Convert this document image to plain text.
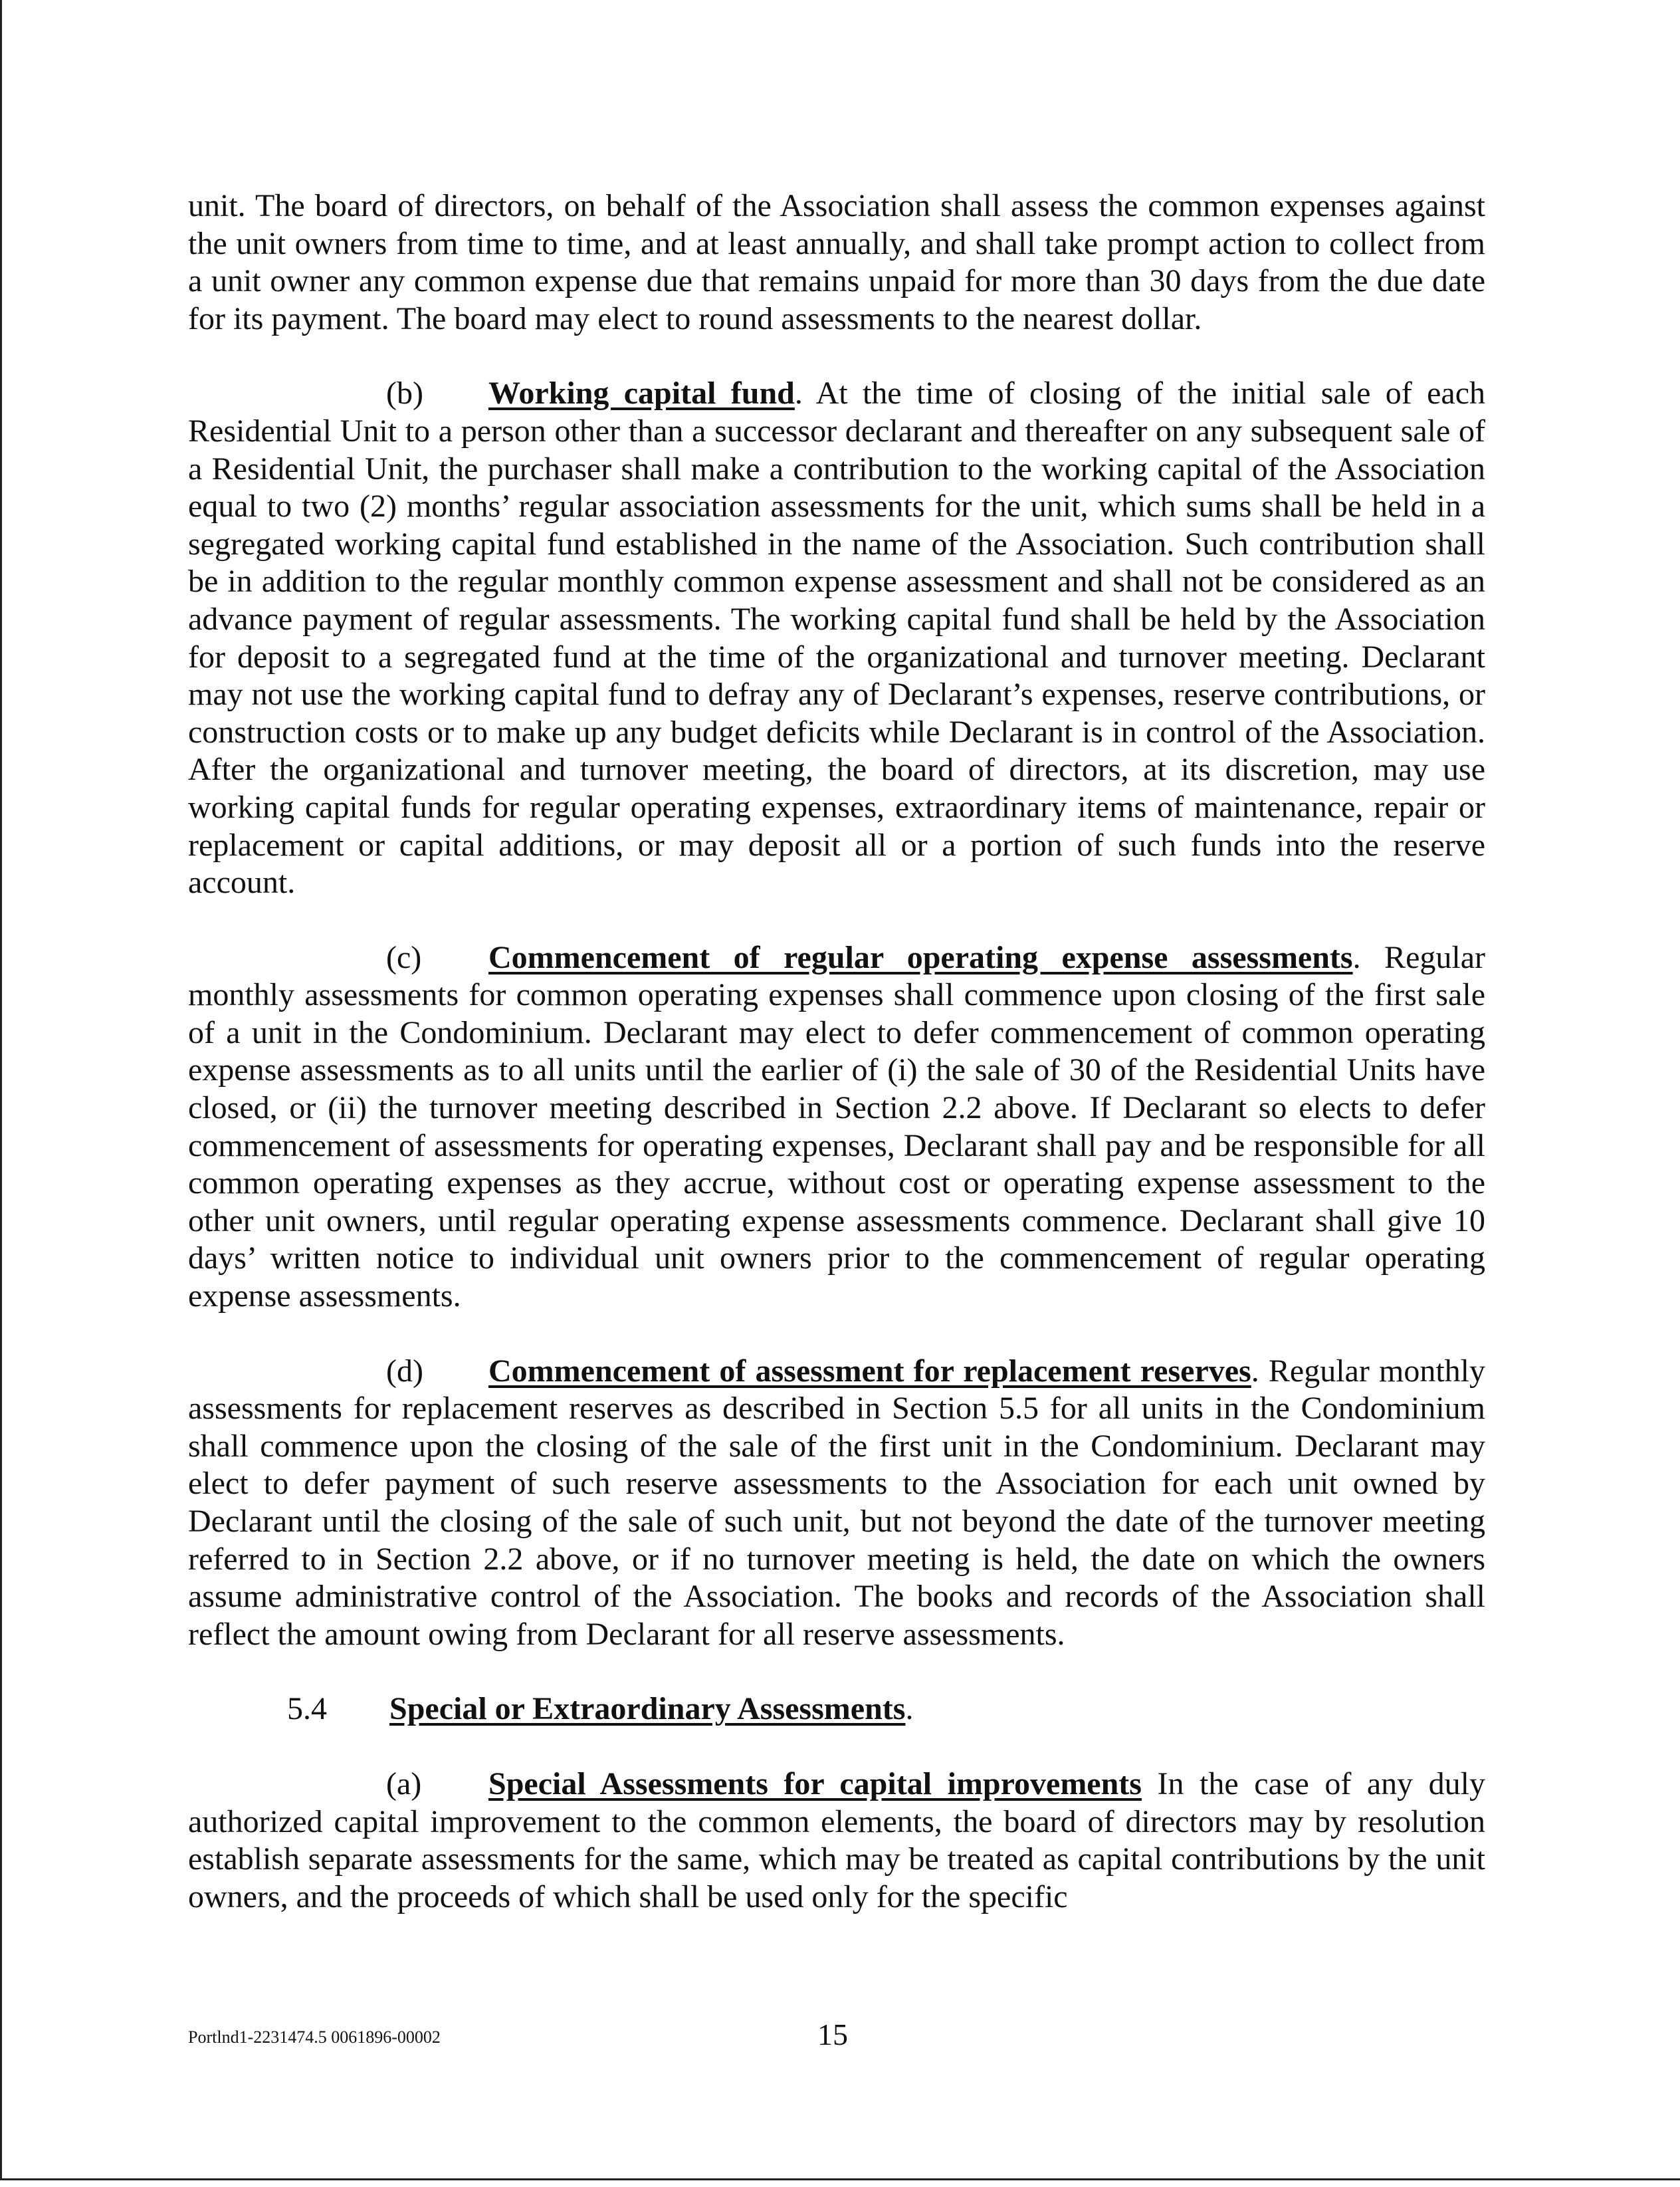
unit. The board of directors, on behalf of the Association shall assess the common expenses against the unit owners from time to time, and at least annually, and shall take prompt action to collect from a unit owner any common expense due that remains unpaid for more than 30 days from the due date for its payment. The board may elect to round assessments to the nearest dollar.

(b) Working capital fund. At the time of closing of the initial sale of each Residential Unit to a person other than a successor declarant and thereafter on any subsequent sale of a Residential Unit, the purchaser shall make a contribution to the working capital of the Association equal to two (2) months’ regular association assessments for the unit, which sums shall be held in a segregated working capital fund established in the name of the Association. Such contribution shall be in addition to the regular monthly common expense assessment and shall not be considered as an advance payment of regular assessments. The working capital fund shall be held by the Association for deposit to a segregated fund at the time of the organizational and turnover meeting. Declarant may not use the working capital fund to defray any of Declarant’s expenses, reserve contributions, or construction costs or to make up any budget deficits while Declarant is in control of the Association. After the organizational and turnover meeting, the board of directors, at its discretion, may use working capital funds for regular operating expenses, extraordinary items of maintenance, repair or replacement or capital additions, or may deposit all or a portion of such funds into the reserve account.

(c) Commencement of regular operating expense assessments. Regular monthly assessments for common operating expenses shall commence upon closing of the first sale of a unit in the Condominium. Declarant may elect to defer commencement of common operating expense assessments as to all units until the earlier of (i) the sale of 30 of the Residential Units have closed, or (ii) the turnover meeting described in Section 2.2 above. If Declarant so elects to defer commencement of assessments for operating expenses, Declarant shall pay and be responsible for all common operating expenses as they accrue, without cost or operating expense assessment to the other unit owners, until regular operating expense assessments commence. Declarant shall give 10 days’ written notice to individual unit owners prior to the commencement of regular operating expense assessments.

(d) Commencement of assessment for replacement reserves. Regular monthly assessments for replacement reserves as described in Section 5.5 for all units in the Condominium shall commence upon the closing of the sale of the first unit in the Condominium. Declarant may elect to defer payment of such reserve assessments to the Association for each unit owned by Declarant until the closing of the sale of such unit, but not beyond the date of the turnover meeting referred to in Section 2.2 above, or if no turnover meeting is held, the date on which the owners assume administrative control of the Association. The books and records of the Association shall reflect the amount owing from Declarant for all reserve assessments.

5.4 Special or Extraordinary Assessments.

(a) Special Assessments for capital improvements In the case of any duly authorized capital improvement to the common elements, the board of directors may by resolution establish separate assessments for the same, which may be treated as capital contributions by the unit owners, and the proceeds of which shall be used only for the specific

Portlnd1-2231474.5 0061896-00002	15
